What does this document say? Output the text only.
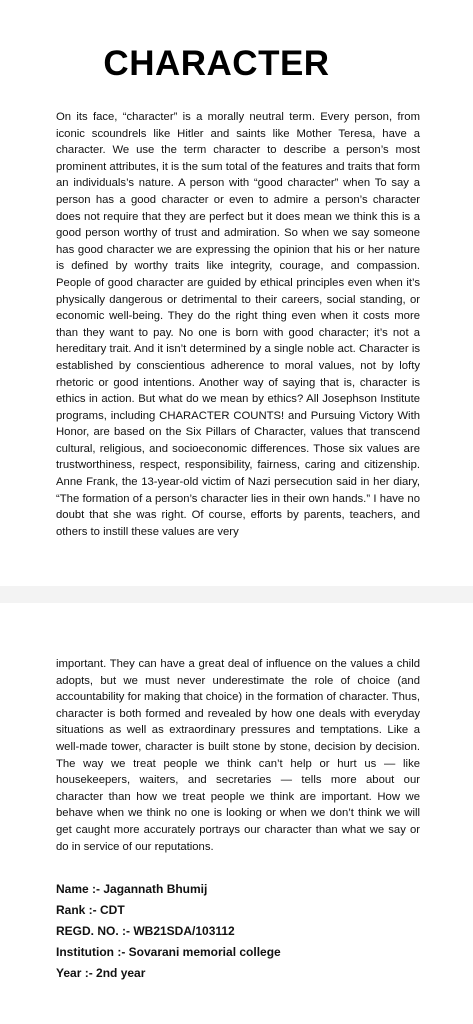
CHARACTER

On its face, “character” is a morally neutral term. Every person, from iconic scoundrels like Hitler and saints like Mother Teresa, have a character. We use the term character to describe a person’s most prominent attributes, it is the sum total of the features and traits that form an individuals’s nature. A person with “good character” when To say a person has a good character or even to admire a person’s character does not require that they are perfect but it does mean we think this is a good person worthy of trust and admiration. So when we say someone has good character we are expressing the opinion that his or her nature is defined by worthy traits like integrity, courage, and compassion. People of good character are guided by ethical principles even when it’s physically dangerous or detrimental to their careers, social standing, or economic well-being. They do the right thing even when it costs more than they want to pay. No one is born with good character; it’s not a hereditary trait. And it isn’t determined by a single noble act. Character is established by conscientious adherence to moral values, not by lofty rhetoric or good intentions. Another way of saying that is, character is ethics in action. But what do we mean by ethics? All Josephson Institute programs, including CHARACTER COUNTS! and Pursuing Victory With Honor, are based on the Six Pillars of Character, values that transcend cultural, religious, and socioeconomic differences. Those six values are trustworthiness, respect, responsibility, fairness, caring and citizenship. Anne Frank, the 13-year-old victim of Nazi persecution said in her diary, “The formation of a person’s character lies in their own hands.” I have no doubt that she was right. Of course, efforts by parents, teachers, and others to instill these values are very

important. They can have a great deal of influence on the values a child adopts, but we must never underestimate the role of choice (and accountability for making that choice) in the formation of character. Thus, character is both formed and revealed by how one deals with everyday situations as well as extraordinary pressures and temptations. Like a well-made tower, character is built stone by stone, decision by decision. The way we treat people we think can’t help or hurt us — like housekeepers, waiters, and secretaries — tells more about our character than how we treat people we think are important. How we behave when we think no one is looking or when we don’t think we will get caught more accurately portrays our character than what we say or do in service of our reputations.

Name :- Jagannath Bhumij
Rank :- CDT
REGD. NO. :- WB21SDA/103112
Institution :- Sovarani memorial college
Year :- 2nd year
